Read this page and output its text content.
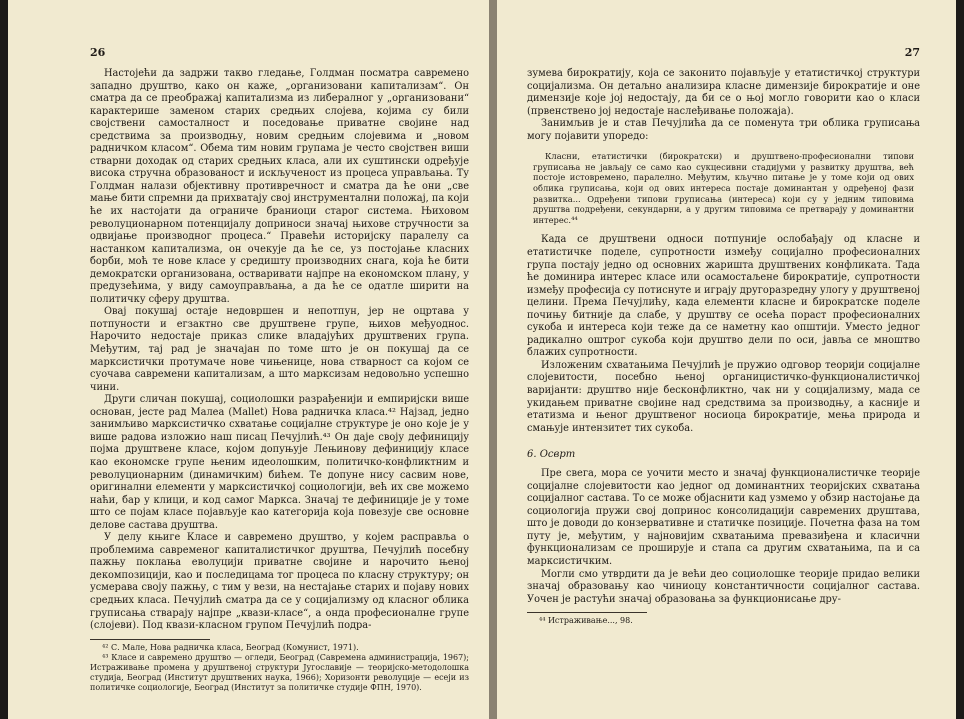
26

Настојећи да задржи такво гледање, Голдман посматра савремено западно друштво, како он каже, „организовани капитализам“. Он сматра да се преображај капитализма из либералног у „организовани“ карактерише заменом старих средњих слојева, којима су били својствени самосталност и поседовање приватне својине над средствима за производњу, новим средњим слојевима и „новом радничком класом“. Обема тим новим групама је често својствен виши стварни доходак од старих средњих класа, али их суштински одређује висока стручна образованост и искљученост из процеса управљања. Ту Голдман налази објективну противречност и сматра да ће они „све мање бити спремни да прихватају свој инструментални положај, па који ће их настојати да ограниче браниоци старог система. Њиховом револуционарном потенцијалу доприноси значај њихове стручности за одвијање производног процеса.“ Правећи историјску паралелу са настанком капитализма, он очекује да ће се, уз постојање класних борби, моћ те нове класе у средишту производних снага, која ће бити демократски организована, остваривати најпре на економском плану, у предузећима, у виду самоуправљања, а да ће се одатле ширити на политичку сферу друштва.

Овај покушај остаје недовршен и непотпун, јер не оцртава у потпуности и егзактно све друштвене групе, њихов међуоднос. Нарочито недостаје приказ слике владајућих друштвених група. Међутим, тај рад је значајан по томе што је он покушај да се марксистички протумаче нове чињенице, нова стварност са којом се суочава савремени капитализам, а што марксизам недовољно успешно чини.

Други сличан покушај, социолошки разрађенији и емпиријски више основан, јесте рад Малеа (Mallet) Нова радничка класа.⁴² Најзад, једно занимљиво марксистичко схватање социјалне структуре је оно које је у више радова изложио наш писац Печујлић.⁴³ Он даје своју дефиницију појма друштвене класе, којом допуњује Лењинову дефиницију класе као економске групе њеним идеолошким, политичко-конфликтним и револуционарним (динамичким) бићем. Те допуне нису сасвим нове, оригинални елементи у марксистичкој социологији, већ их све можемо наћи, бар у клици, и код самог Маркса. Значај те дефиниције је у томе што се појам класе појављује као категорија која повезује све основне делове састава друштва.

У делу књиге Класе и савремено друштво, у којем расправља о проблемима савременог капиталистичког друштва, Печујлић посебну пажњу поклања еволуцији приватне својине и нарочито њеној декомпозицији, као и последицама тог процеса по класну структуру; он усмерава своју пажњу, с тим у вези, на нестајање старих и појаву нових средњих класа. Печујлић сматра да се у социјализму од класног облика груписања стварају најпре „квази-класе“, а онда професионалне групе (слојеви). Под квази-класном групом Печујлић подра-

⁴² С. Мале, Нова радничка класа, Београд (Комунист, 1971).

⁴³ Класе и савремено друштво — огледи, Београд (Савремена администрација, 1967); Истраживање промена у друштвеној структури Југославије — теоријско-методолошка студија, Београд (Институт друштвених наука, 1966); Хоризонти револуције — есеји из политичке социологије, Београд (Институт за политичке студије ФПН, 1970).

27

зумева бирократију, која се законито појављује у етатистичкој структури социјализма. Он детаљно анализира класне димензије бирократије и оне димензије које јој недостају, да би се о њој могло говорити као о класи (првенствено јој недостаје наслеђивање положаја).

Занимљив је и став Печујлића да се поменута три облика груписања могу појавити упоредо:

Класни, етатистички (бирократски) и друштвено-професионални типови груписања не јављају се само као сукцесивни стадијуми у развитку друштва, већ постоје истовремено, паралелно. Међутим, кључно питање је у томе који од ових облика груписања, који од ових интереса постаје доминантан у одређеној фази развитка... Одређени типови груписања (интереса) који су у једним типовима друштва подређени, секундарни, а у другим типовима се претварају у доминантни интерес.⁴⁴

Када се друштвени односи потпуније ослобађају од класне и етатистичке поделе, супротности између социјално професионалних група постају једно од основних жаришта друштвених конфликата. Тада ће доминира интерес класе или осамостаљене бирократије, супротности између професија су потиснуте и играју другоразредну улогу у друштвеној целини. Према Печујлићу, када елементи класне и бирократске поделе почињу битније да слабе, у друштву се осећа пораст професионалних сукоба и интереса који теже да се наметну као општији. Уместо једног радикално оштрог сукоба који друштво дели по оси, јавља се мноштво блажих супротности.

Изложеним схватањима Печујлић је пружио одговор теорији социјалне слојевитости, посебно њеној органицистичко-функционалистичкој варијанти: друштво није бесконфликтно, чак ни у социјализму, мада се укидањем приватне својине над средствима за производњу, а касније и етатизма и њеног друштвеног носиоца бирократије, мења природа и смањује интензитет тих сукоба.

6. Осврт

Пре свега, мора се уочити место и значај функционалистичке теорије социјалне слојевитости као једног од доминантних теоријских схватања социјалног састава. То се може објаснити кад узмемо у обзир настојање да социологија пружи свој допринос консолидацији савремених друштава, што је доводи до конзервативне и статичке позиције. Почетна фаза на том путу је, међутим, у најновијим схватањима превазиђена и класични функционализам се проширује и стапа са другим схватањима, па и са марксистичким.

Могли смо утврдити да је већи део социолошке теорије придао велики значај образовању као чиниоцу константичности социјалног састава. Уочен је растући значај образовања за функционисање дру-

⁴⁴ Истраживање..., 98.
